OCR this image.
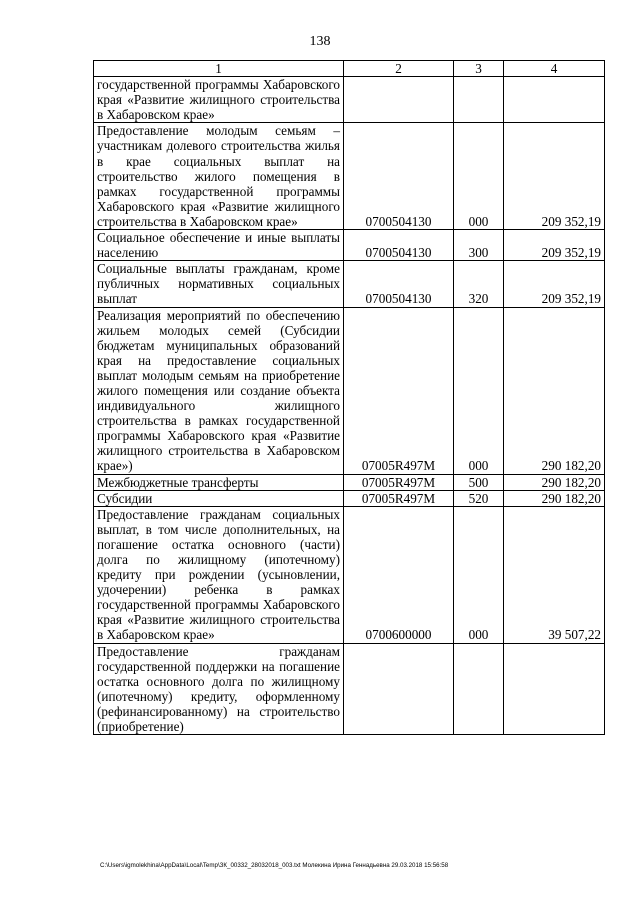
138
1	2	3	4
государственной программы Хабаровского края «Развитие жилищного строительства в Хабаровском крае»			
Предоставление молодым семьям – участникам долевого строительства жилья в крае социальных выплат на строительство жилого помещения в рамках государственной программы Хабаровского края «Развитие жилищного строительства в Хабаровском крае»	0700504130	000	209 352,19
Социальное обеспечение и иные выплаты населению	0700504130	300	209 352,19
Социальные выплаты гражданам, кроме публичных нормативных социальных выплат	0700504130	320	209 352,19
Реализация мероприятий по обеспечению жильем молодых семей (Субсидии бюджетам муниципальных образований края на предоставление социальных выплат молодым семьям на приобретение жилого помещения или создание объекта индивидуального жилищного строительства в рамках государственной программы Хабаровского края «Развитие жилищного строительства в Хабаровском крае»)	07005R497M	000	290 182,20
Межбюджетные трансферты	07005R497M	500	290 182,20
Субсидии	07005R497M	520	290 182,20
Предоставление гражданам социальных выплат, в том числе дополнительных, на погашение остатка основного (части) долга по жилищному (ипотечному) кредиту при рождении (усыновлении, удочерении) ребенка в рамках государственной программы Хабаровского края «Развитие жилищного строительства в Хабаровском крае»	0700600000	000	39 507,22
Предоставление гражданам государственной поддержки на погашение остатка основного долга по жилищному (ипотечному) кредиту, оформленному (рефинансированному) на строительство (приобретение)			
C:\Users\igmolekhina\AppData\Local\Temp\ЗК_00332_28032018_003.txt Молекина Ирина Геннадьевна 29.03.2018 15:56:58
